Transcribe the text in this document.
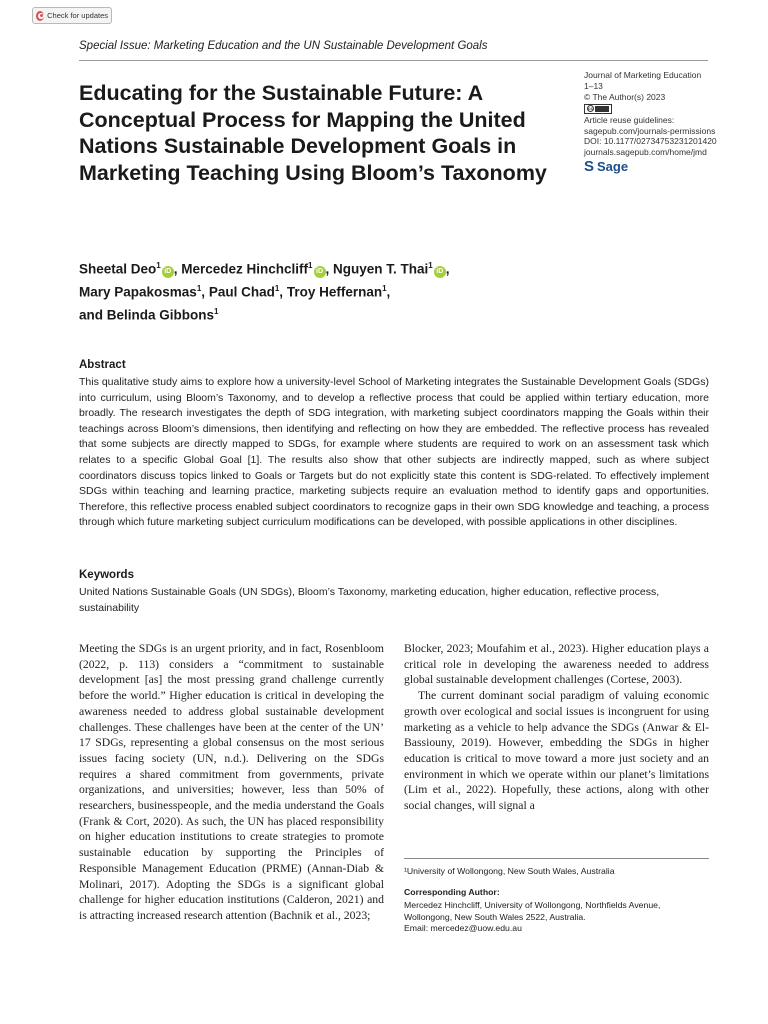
Check for updates
Special Issue: Marketing Education and the UN Sustainable Development Goals
Educating for the Sustainable Future: A Conceptual Process for Mapping the United Nations Sustainable Development Goals in Marketing Teaching Using Bloom’s Taxonomy
Journal of Marketing Education
1–13
© The Author(s) 2023
cc
Article reuse guidelines:
sagepub.com/journals-permissions
DOI: 10.1177/02734753231201420
journals.sagepub.com/home/jmd
S Sage
Sheetal Deo$^1$iD , Mercedez Hinchcliff$^1$iD , Nguyen T. Thai$^1$iD ,
Mary Papakosmas$^1$, Paul Chad$^1$, Troy Heffernan$^1$,
and Belinda Gibbons$^1$
Abstract

This qualitative study aims to explore how a university-level School of Marketing integrates the Sustainable Development Goals (SDGs) into curriculum, using Bloom’s Taxonomy, and to develop a reflective process that could be applied within tertiary education, more broadly. The research investigates the depth of SDG integration, with marketing subject coordinators mapping the Goals within their teachings across Bloom’s dimensions, then identifying and reflecting on how they are embedded. The reflective process has revealed that some subjects are directly mapped to SDGs, for example where students are required to work on an assessment task which relates to a specific Global Goal [1]. The results also show that other subjects are indirectly mapped, such as where subject coordinators discuss topics linked to Goals or Targets but do not explicitly state this content is SDG-related. To effectively implement SDGs within teaching and learning practice, marketing subjects require an evaluation method to identify gaps and opportunities. Therefore, this reflective process enabled subject coordinators to recognize gaps in their own SDG knowledge and teaching, a process through which future marketing subject curriculum modifications can be developed, with possible applications in other disciplines.

Keywords

United Nations Sustainable Goals (UN SDGs), Bloom’s Taxonomy, marketing education, higher education, reflective process, sustainability

Meeting the SDGs is an urgent priority, and in fact, Rosenbloom (2022, p. 113) considers a “commitment to sustainable development [as] the most pressing grand challenge currently before the world.” Higher education is critical in developing the awareness needed to address global sustainable development challenges. These challenges have been at the center of the UN’ 17 SDGs, representing a global consensus on the most serious issues facing society (UN, n.d.). Delivering on the SDGs requires a shared commitment from governments, private organizations, and universities; however, less than 50% of researchers, businesspeople, and the media understand the Goals (Frank & Cort, 2020). As such, the UN has placed responsibility on higher education institutions to create strategies to promote sustainable education by supporting the Principles of Responsible Management Education (PRME) (Annan-Diab & Molinari, 2017). Adopting the SDGs is a significant global challenge for higher education institutions (Calderon, 2021) and is attracting increased research attention (Bachnik et al., 2023;

Blocker, 2023; Moufahim et al., 2023). Higher education plays a critical role in developing the awareness needed to address global sustainable development challenges (Cortese, 2003).

The current dominant social paradigm of valuing economic growth over ecological and social issues is incongruent for using marketing as a vehicle to help advance the SDGs (Anwar & El-Bassiouny, 2019). However, embedding the SDGs in higher education is critical to move toward a more just society and an environment in which we operate within our planet’s limitations (Lim et al., 2022). Hopefully, these actions, along with other social changes, will signal a

¹University of Wollongong, New South Wales, Australia
Corresponding Author:
Mercedez Hinchcliff, University of Wollongong, Northfields Avenue,
Wollongong, New South Wales 2522, Australia.
Email: mercedez@uow.edu.au
